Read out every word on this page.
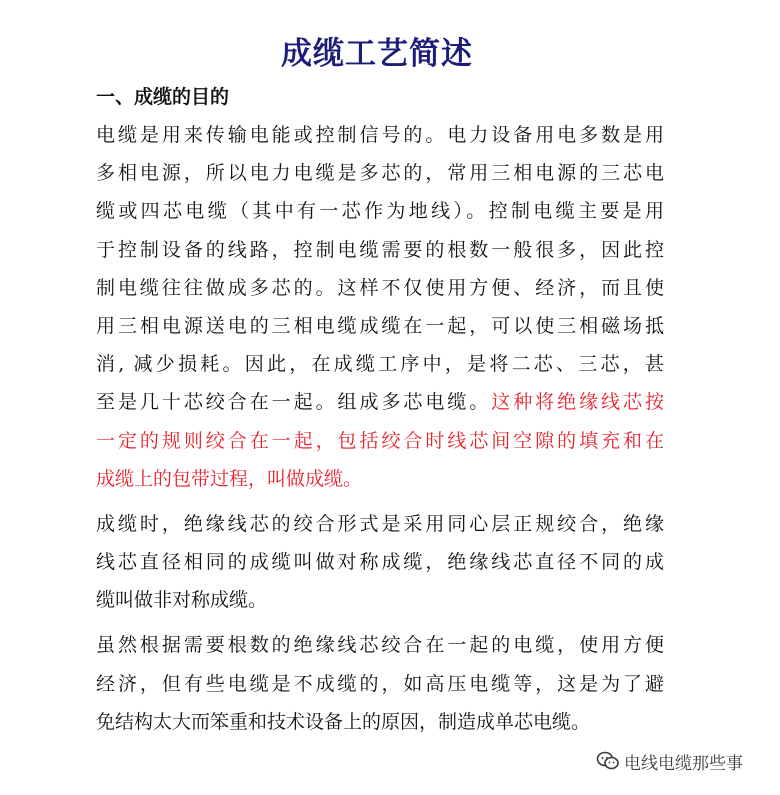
成缆工艺简述
一、成缆的目的
电缆是用来传输电能或控制信号的。电力设备用电多数是用
多相电源，所以电力电缆是多芯的，常用三相电源的三芯电
缆或四芯电缆（其中有一芯作为地线）。控制电缆主要是用
于控制设备的线路，控制电缆需要的根数一般很多，因此控
制电缆往往做成多芯的。这样不仅使用方便、经济，而且使
用三相电源送电的三相电缆成缆在一起，可以使三相磁场抵
消, 减少损耗。因此，在成缆工序中，是将二芯、三芯，甚
至是几十芯绞合在一起。组成多芯电缆。这种将绝缘线芯按
一定的规则绞合在一起，包括绞合时线芯间空隙的填充和在
成缆上的包带过程，叫做成缆。
成缆时，绝缘线芯的绞合形式是采用同心层正规绞合，绝缘
线芯直径相同的成缆叫做对称成缆，绝缘线芯直径不同的成
缆叫做非对称成缆。
虽然根据需要根数的绝缘线芯绞合在一起的电缆，使用方便
经济，但有些电缆是不成缆的，如高压电缆等，这是为了避
免结构太大而笨重和技术设备上的原因，制造成单芯电缆。
电线电缆那些事
